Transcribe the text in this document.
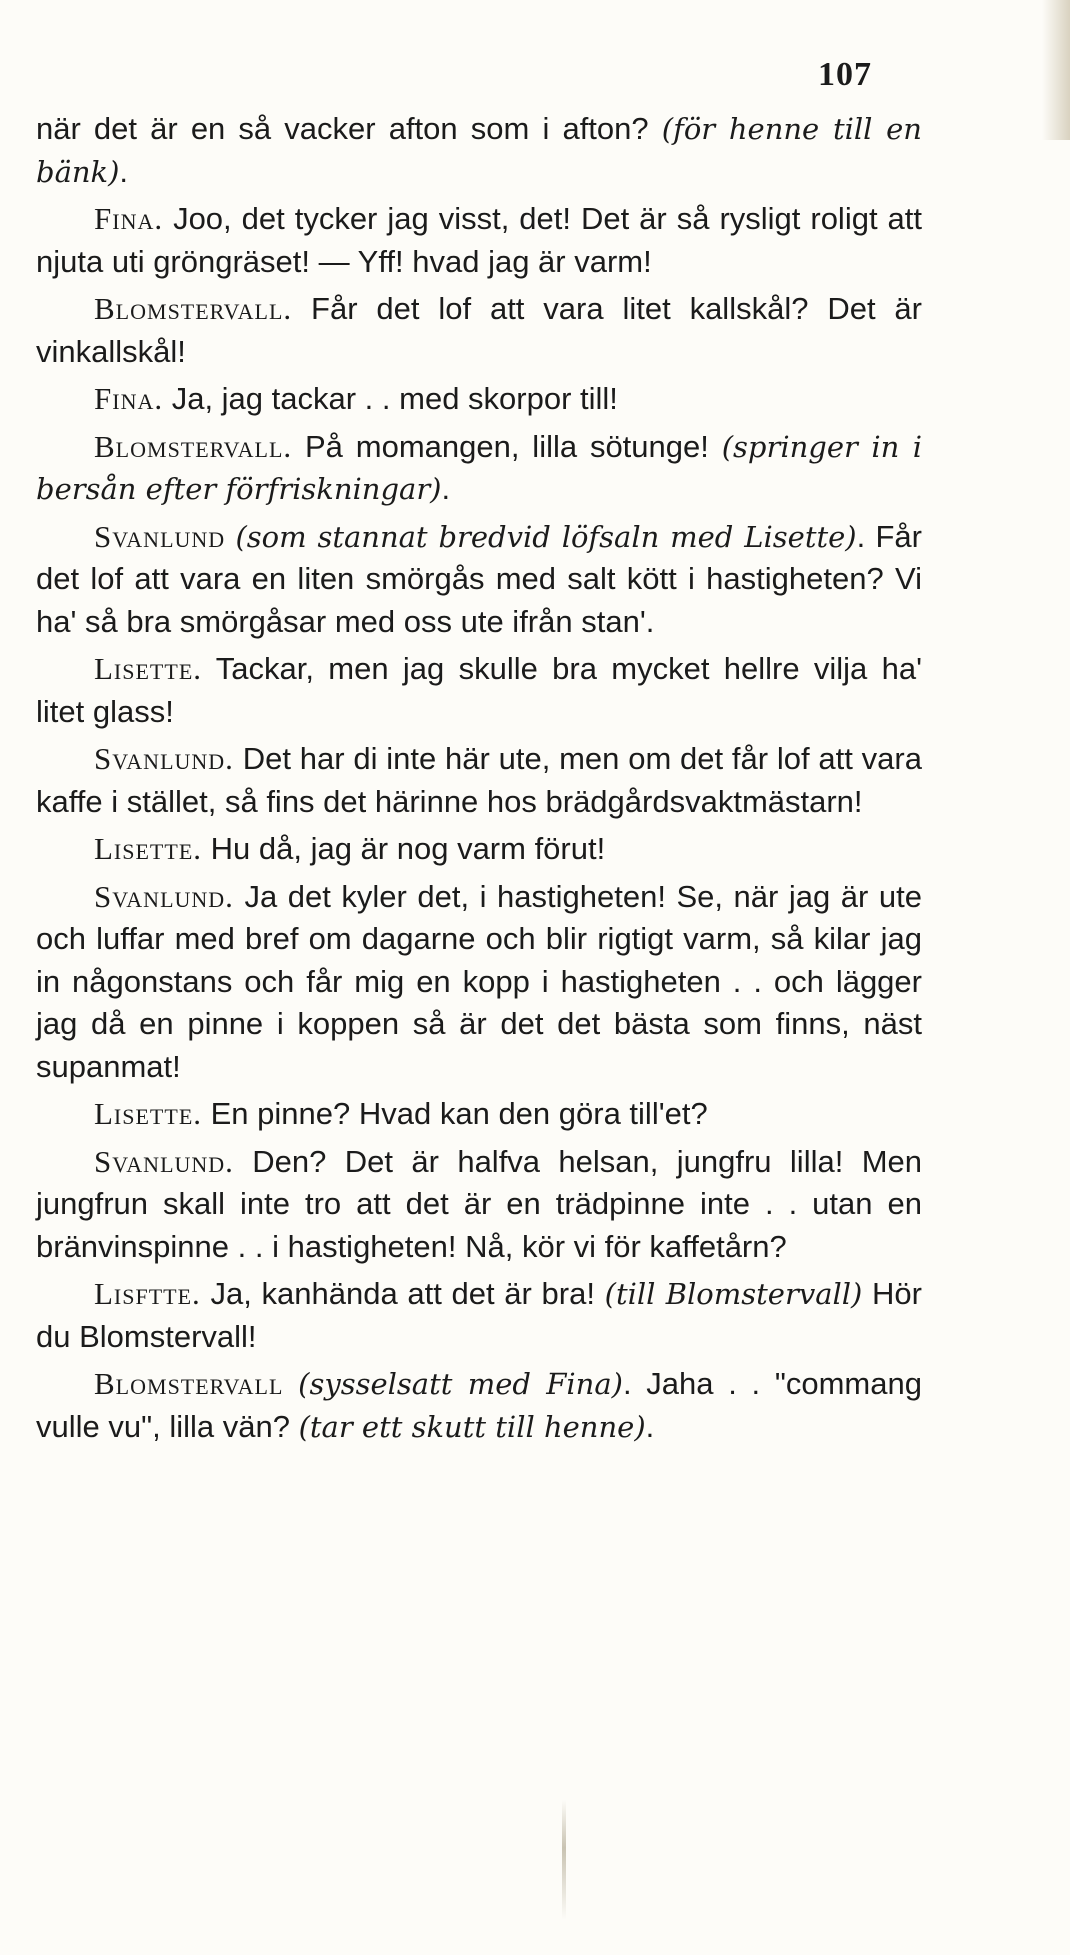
107

när det är en så vacker afton som i afton? (för henne till en bänk).

Fina. Joo, det tycker jag visst, det! Det är så rysligt roligt att njuta uti gröngräset! — Yff! hvad jag är varm!

Blomstervall. Får det lof att vara litet kallskål? Det är vinkallskål!

Fina. Ja, jag tackar . . med skorpor till!

Blomstervall. På momangen, lilla sötunge! (springer in i bersån efter förfriskningar).

Svanlund (som stannat bredvid löfsaln med Lisette). Får det lof att vara en liten smörgås med salt kött i hastigheten? Vi ha' så bra smörgåsar med oss ute ifrån stan'.

Lisette. Tackar, men jag skulle bra mycket hellre vilja ha' litet glass!

Svanlund. Det har di inte här ute, men om det får lof att vara kaffe i stället, så fins det härinne hos brädgårdsvaktmästarn!

Lisette. Hu då, jag är nog varm förut!

Svanlund. Ja det kyler det, i hastigheten! Se, när jag är ute och luffar med bref om dagarne och blir rigtigt varm, så kilar jag in någonstans och får mig en kopp i hastigheten . . och lägger jag då en pinne i koppen så är det det bästa som finns, näst supanmat!

Lisette. En pinne? Hvad kan den göra till'et?

Svanlund. Den? Det är halfva helsan, jungfru lilla! Men jungfrun skall inte tro att det är en trädpinne inte . . utan en bränvinspinne . . i hastigheten! Nå, kör vi för kaffetårn?

Lisftte. Ja, kanhända att det är bra! (till Blomstervall) Hör du Blomstervall!

Blomstervall (sysselsatt med Fina). Jaha . . "commang vulle vu", lilla vän? (tar ett skutt till henne).
